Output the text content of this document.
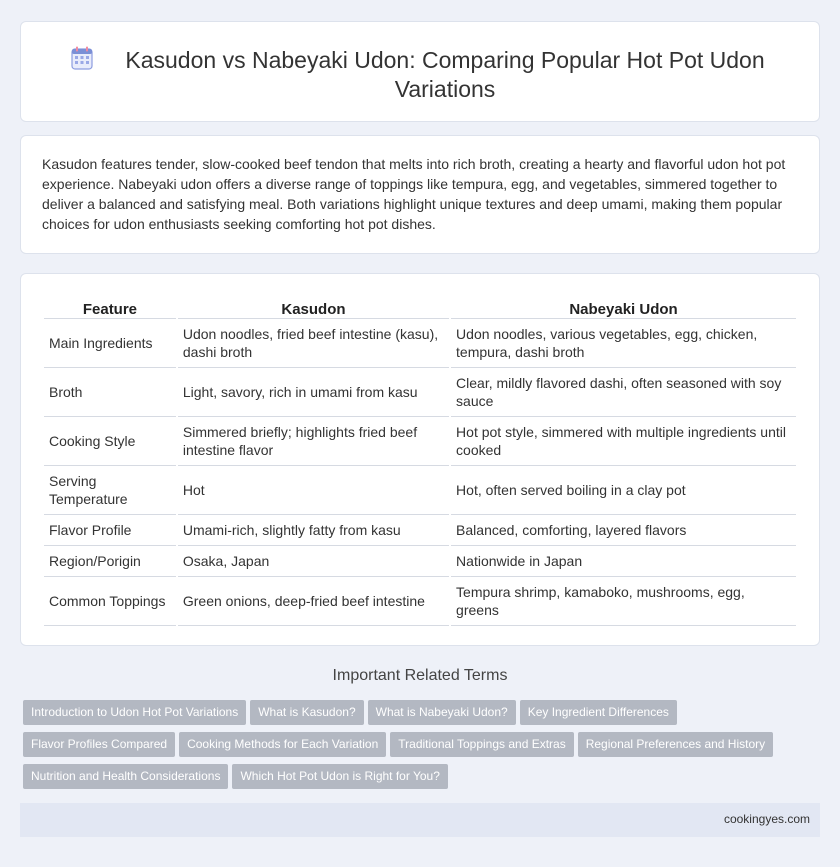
Kasudon vs Nabeyaki Udon: Comparing Popular Hot Pot Udon Variations

Kasudon features tender, slow-cooked beef tendon that melts into rich broth, creating a hearty and flavorful udon hot pot experience. Nabeyaki udon offers a diverse range of toppings like tempura, egg, and vegetables, simmered together to deliver a balanced and satisfying meal. Both variations highlight unique textures and deep umami, making them popular choices for udon enthusiasts seeking comforting hot pot dishes.

Feature	Kasudon	Nabeyaki Udon
Main Ingredients	Udon noodles, fried beef intestine (kasu), dashi broth	Udon noodles, various vegetables, egg, chicken, tempura, dashi broth
Broth	Light, savory, rich in umami from kasu	Clear, mildly flavored dashi, often seasoned with soy sauce
Cooking Style	Simmered briefly; highlights fried beef intestine flavor	Hot pot style, simmered with multiple ingredients until cooked
Serving Temperature	Hot	Hot, often served boiling in a clay pot
Flavor Profile	Umami-rich, slightly fatty from kasu	Balanced, comforting, layered flavors
Region/Porigin	Osaka, Japan	Nationwide in Japan
Common Toppings	Green onions, deep-fried beef intestine	Tempura shrimp, kamaboko, mushrooms, egg, greens
Important Related Terms
Introduction to Udon Hot Pot Variations What is Kasudon? What is Nabeyaki Udon? Key Ingredient Differences
Flavor Profiles Compared Cooking Methods for Each Variation Traditional Toppings and Extras Regional Preferences and History
Nutrition and Health Considerations Which Hot Pot Udon is Right for You?
cookingyes.com
